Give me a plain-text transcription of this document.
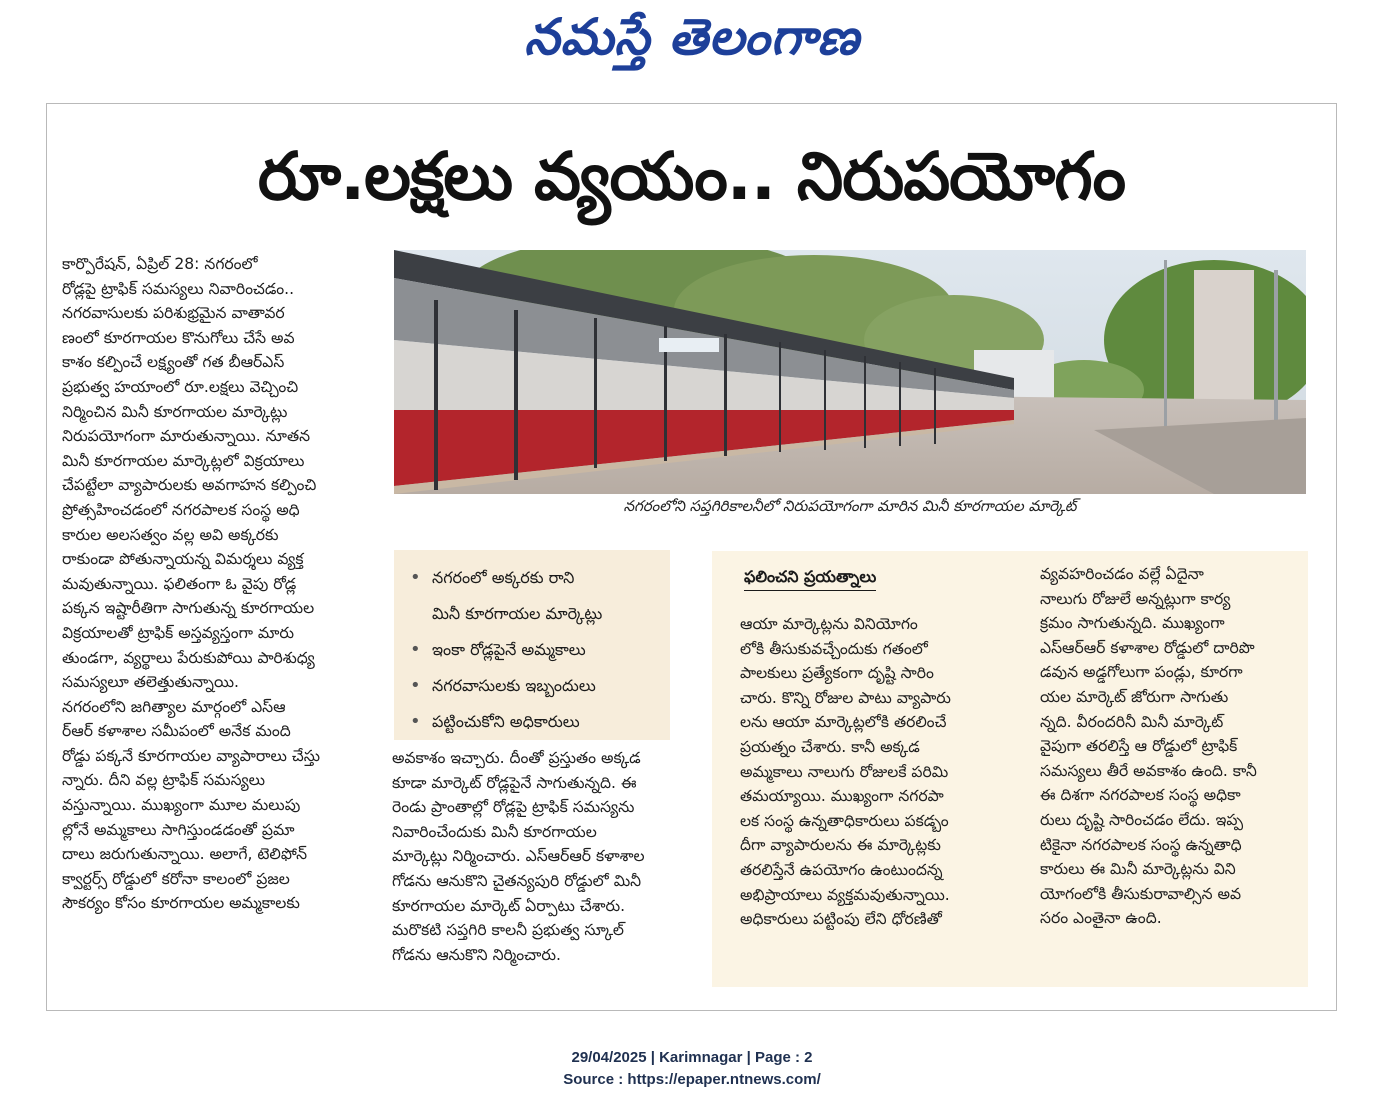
నమస్తే తెలంగాణ
రూ.లక్షలు వ్యయం.. నిరుపయోగం
కార్పొరేషన్, ఏప్రిల్ 28: నగరంలో
రోడ్లపై ట్రాఫిక్ సమస్యలు నివారించడం..
నగరవాసులకు పరిశుభ్రమైన వాతావర
ణంలో కూరగాయల కొనుగోలు చేసే అవ
కాశం కల్పించే లక్ష్యంతో గత బీఆర్ఎస్
ప్రభుత్వ హయాంలో రూ.లక్షలు వెచ్చించి
నిర్మించిన మినీ కూరగాయల మార్కెట్లు
నిరుపయోగంగా మారుతున్నాయి. నూతన
మినీ కూరగాయల మార్కెట్లలో విక్రయాలు
చేపట్టేలా వ్యాపారులకు అవగాహన కల్పించి
ప్రోత్సహించడంలో నగరపాలక సంస్థ అధి
కారుల అలసత్వం వల్ల అవి అక్కరకు
రాకుండా పోతున్నాయన్న విమర్శలు వ్యక్త
మవుతున్నాయి. ఫలితంగా ఓ వైపు రోడ్ల
పక్కన ఇష్టారీతిగా సాగుతున్న కూరగాయల
విక్రయాలతో ట్రాఫిక్ అస్తవ్యస్తంగా మారు
తుండగా, వ్యర్థాలు పేరుకుపోయి పారిశుధ్య
సమస్యలూ తలెత్తుతున్నాయి.
నగరంలోని జగిత్యాల మార్గంలో ఎస్ఆ
ర్ఆర్ కళాశాల సమీపంలో అనేక మంది
రోడ్డు పక్కనే కూరగాయల వ్యాపారాలు చేస్తు
న్నారు. దీని వల్ల ట్రాఫిక్ సమస్యలు
వస్తున్నాయి. ముఖ్యంగా మూల మలుపు
ల్లోనే అమ్మకాలు సాగిస్తుండడంతో ప్రమా
దాలు జరుగుతున్నాయి. అలాగే, టెలిఫోన్
క్వార్టర్స్ రోడ్డులో కరోనా కాలంలో ప్రజల
సౌకర్యం కోసం కూరగాయల అమ్మకాలకు
నగరంలోని సప్తగిరికాలనీలో నిరుపయోగంగా మారిన మినీ కూరగాయల మార్కెట్
• నగరంలో అక్కరకు రాని
మినీ కూరగాయల మార్కెట్లు
• ఇంకా రోడ్లపైనే అమ్మకాలు
• నగరవాసులకు ఇబ్బందులు
• పట్టించుకోని అధికారులు
అవకాశం ఇచ్చారు. దీంతో ప్రస్తుతం అక్కడ
కూడా మార్కెట్ రోడ్లపైనే సాగుతున్నది. ఈ
రెండు ప్రాంతాల్లో రోడ్లపై ట్రాఫిక్ సమస్యను
నివారించేందుకు మినీ కూరగాయల
మార్కెట్లు నిర్మించారు. ఎస్ఆర్ఆర్ కళాశాల
గోడను ఆనుకొని చైతన్యపురి రోడ్డులో మినీ
కూరగాయల మార్కెట్ ఏర్పాటు చేశారు.
మరొకటి సప్తగిరి కాలనీ ప్రభుత్వ స్కూల్
గోడను ఆనుకొని నిర్మించారు.
ఫలించని ప్రయత్నాలు
ఆయా మార్కెట్లను వినియోగం
లోకి తీసుకువచ్చేందుకు గతంలో
పాలకులు ప్రత్యేకంగా దృష్టి సారిం
చారు. కొన్ని రోజుల పాటు వ్యాపారు
లను ఆయా మార్కెట్లలోకి తరలించే
ప్రయత్నం చేశారు. కానీ అక్కడ
అమ్మకాలు నాలుగు రోజులకే పరిమి
తమయ్యాయి. ముఖ్యంగా నగరపా
లక సంస్థ ఉన్నతాధికారులు పకడ్బం
దీగా వ్యాపారులను ఈ మార్కెట్లకు
తరలిస్తేనే ఉపయోగం ఉంటుందన్న
అభిప్రాయాలు వ్యక్తమవుతున్నాయి.
అధికారులు పట్టింపు లేని ధోరణితో
వ్యవహరించడం వల్లే ఏదైనా
నాలుగు రోజులే అన్నట్లుగా కార్య
క్రమం సాగుతున్నది. ముఖ్యంగా
ఎస్ఆర్ఆర్ కళాశాల రోడ్డులో దారిపొ
డవున అడ్డగోలుగా పండ్లు, కూరగా
యల మార్కెట్ జోరుగా సాగుతు
న్నది. వీరందరినీ మినీ మార్కెట్
వైపుగా తరలిస్తే ఆ రోడ్డులో ట్రాఫిక్
సమస్యలు తీరే అవకాశం ఉంది. కానీ
ఈ దిశగా నగరపాలక సంస్థ అధికా
రులు దృష్టి సారించడం లేదు. ఇప్ప
టికైనా నగరపాలక సంస్థ ఉన్నతాధి
కారులు ఈ మినీ మార్కెట్లను విని
యోగంలోకి తీసుకురావాల్సిన అవ
సరం ఎంతైనా ఉంది.
29/04/2025 | Karimnagar | Page : 2
Source : https://epaper.ntnews.com/
